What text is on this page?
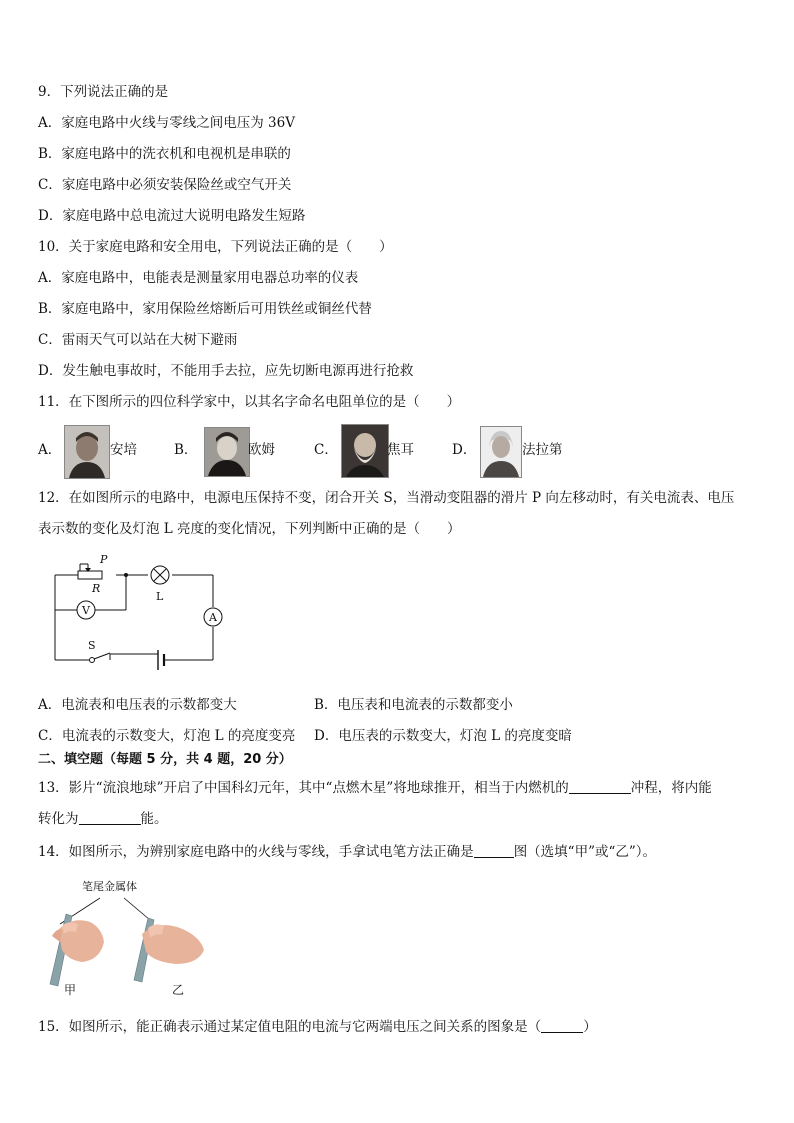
9．下列说法正确的是
A．家庭电路中火线与零线之间电压为 36V
B．家庭电路中的洗衣机和电视机是串联的
C．家庭电路中必须安装保险丝或空气开关
D．家庭电路中总电流过大说明电路发生短路
10．关于家庭电路和安全用电，下列说法正确的是（　　）
A．家庭电路中，电能表是测量家用电器总功率的仪表
B．家庭电路中，家用保险丝熔断后可用铁丝或铜丝代替
C．雷雨天气可以站在大树下避雨
D．发生触电事故时，不能用手去拉，应先切断电源再进行抢救
11．在下图所示的四位科学家中，以其名字命名电阻单位的是（　　）
A．	安培	B．	欧姆	C．	焦耳	D．	法拉第
12．在如图所示的电路中，电源电压保持不变，闭合开关 S，当滑动变阻器的滑片 P 向左移动时，有关电流表、电压
表示数的变化及灯泡 L 亮度的变化情况，下列判断中正确的是（　　）
V
A
P
R
L
S
A．电流表和电压表的示数都变大	B．电压表和电流表的示数都变小
C．电流表的示数变大，灯泡 L 的亮度变亮 D．电压表的示数变大，灯泡 L 的亮度变暗
二、填空题（每题 5 分，共 4 题，20 分）
13．影片“流浪地球”开启了中国科幻元年，其中“点燃木星”将地球推开，相当于内燃机的	冲程，将内能
转化为	能。
14．如图所示，为辨别家庭电路中的火线与零线，手拿试电笔方法正确是	图（选填“甲”或“乙”）。
笔尾金属体
甲	乙
15．如图所示，能正确表示通过某定值电阻的电流与它两端电压之间关系的图象是（	）
